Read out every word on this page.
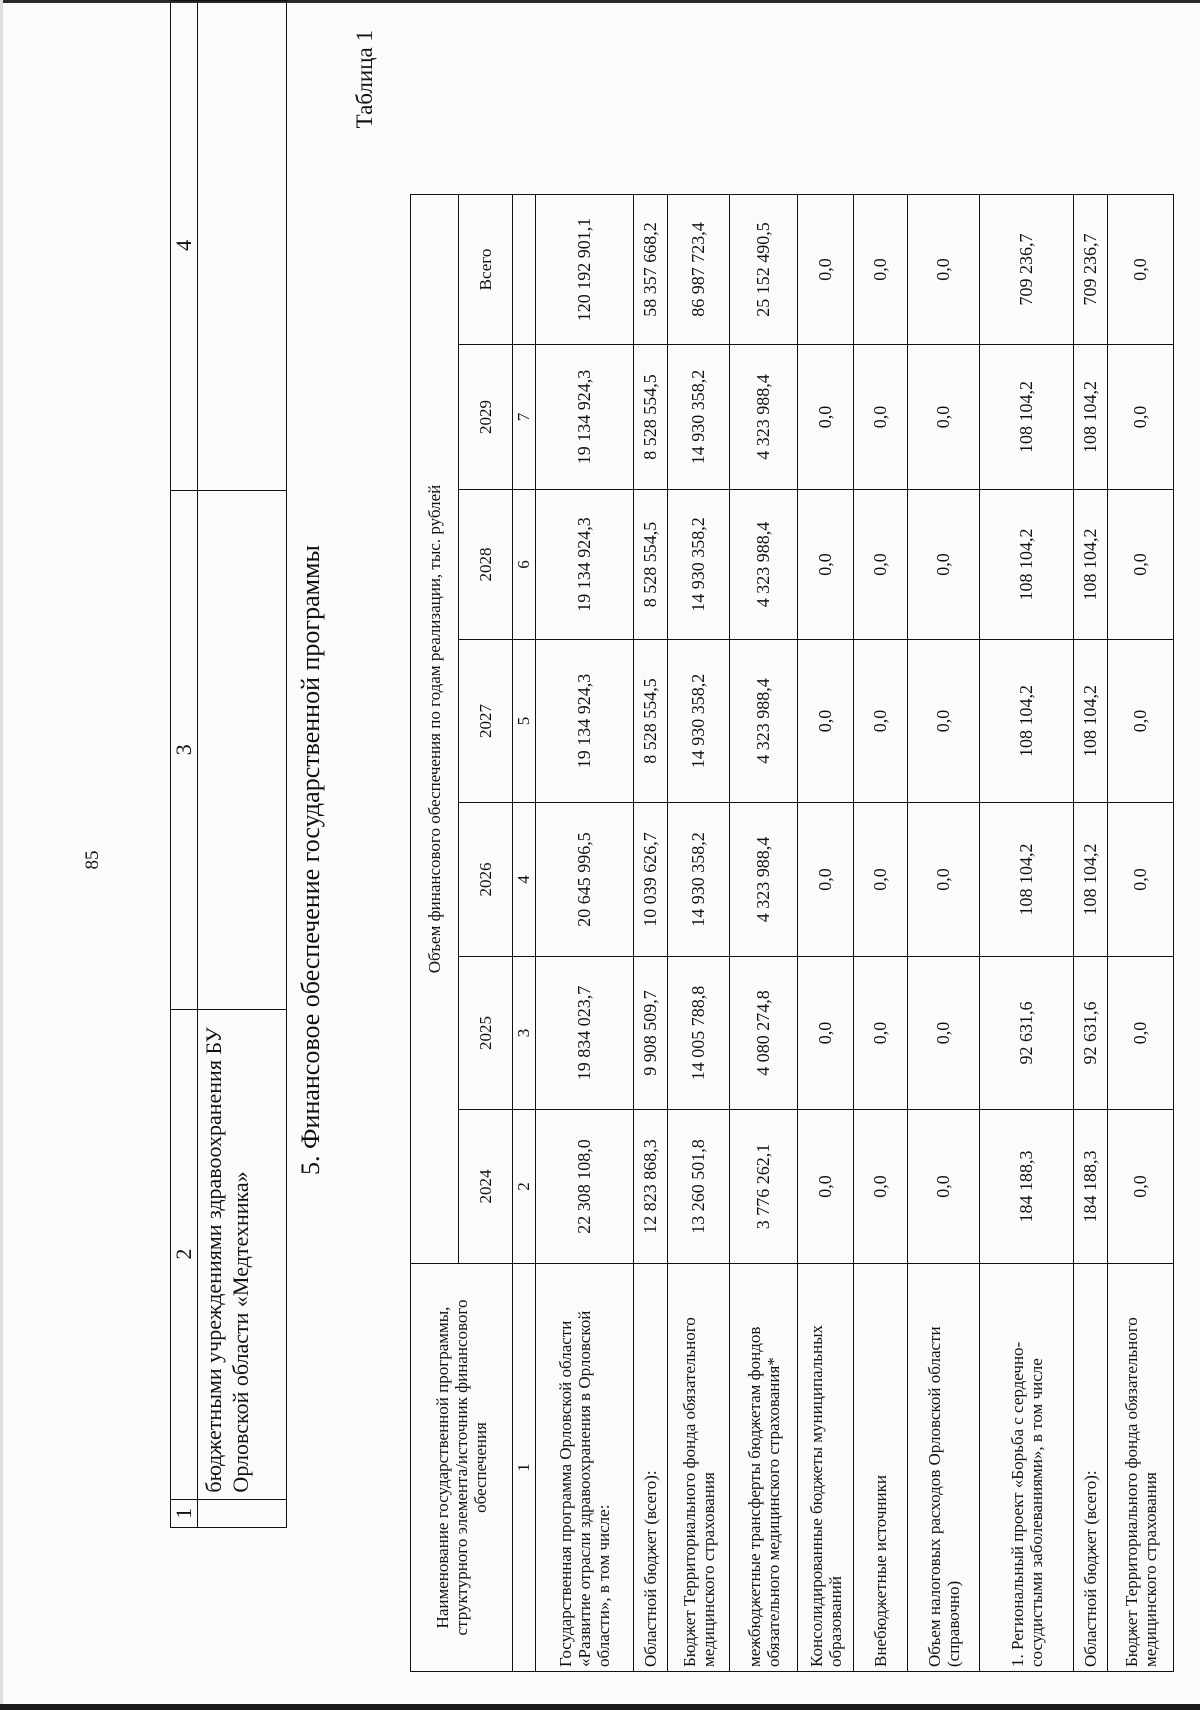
85
1	2	3	4
	бюджетными учреждениями здравоохранения БУ Орловской области «Медтехника»		
5. Финансовое обеспечение государственной программы
Таблица 1
Наименование государственной программы, структурного элемента/источник финансового обеспечения	Объем финансового обеспечения по годам реализации, тыс. рублей						
	2024	2025	2026	2027	2028	2029	Всего
1	2	3	4	5	6	7	
Государственная программа Орловской области «Развитие отрасли здравоохранения в Орловской области», в том числе:	22 308 108,0	19 834 023,7	20 645 996,5	19 134 924,3	19 134 924,3	19 134 924,3	120 192 901,1
Областной бюджет (всего):	12 823 868,3	9 908 509,7	10 039 626,7	8 528 554,5	8 528 554,5	8 528 554,5	58 357 668,2
Бюджет Территориального фонда обязательного медицинского страхования	13 260 501,8	14 005 788,8	14 930 358,2	14 930 358,2	14 930 358,2	14 930 358,2	86 987 723,4
межбюджетные трансферты бюджетам фондов обязательного медицинского страхования*	3 776 262,1	4 080 274,8	4 323 988,4	4 323 988,4	4 323 988,4	4 323 988,4	25 152 490,5
Консолидированные бюджеты муниципальных образований	0,0	0,0	0,0	0,0	0,0	0,0	0,0
Внебюджетные источники	0,0	0,0	0,0	0,0	0,0	0,0	0,0
Объем налоговых расходов Орловской области (справочно)	0,0	0,0	0,0	0,0	0,0	0,0	0,0
1. Региональный проект «Борьба с сердечно-сосудистыми заболеваниями», в том числе	184 188,3	92 631,6	108 104,2	108 104,2	108 104,2	108 104,2	709 236,7
Областной бюджет (всего):	184 188,3	92 631,6	108 104,2	108 104,2	108 104,2	108 104,2	709 236,7
Бюджет Территориального фонда обязательного медицинского страхования	0,0	0,0	0,0	0,0	0,0	0,0	0,0
